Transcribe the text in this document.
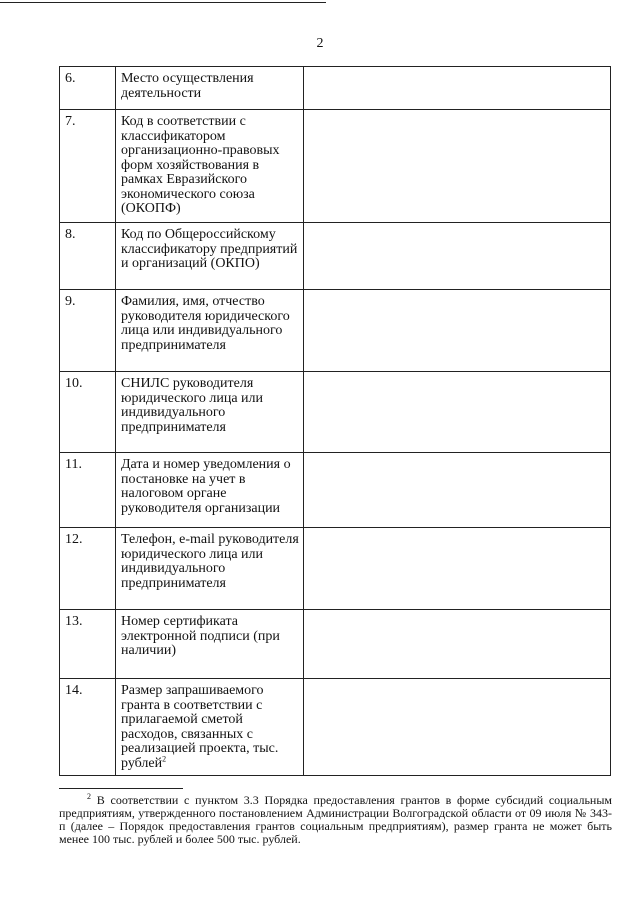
2
6.	Место осуществления деятельности	
7.	Код в соответствии с классификатором организационно-правовых форм хозяйствования в рамках Евразийского экономического союза (ОКОПФ)	
8.	Код по Общероссийскому классификатору предприятий и организаций (ОКПО)	
9.	Фамилия, имя, отчество руководителя юридического лица или индивидуального предпринимателя	
10.	СНИЛС руководителя юридического лица или индивидуального предпринимателя	
11.	Дата и номер уведомления о постановке на учет в налоговом органе руководителя организации	
12.	Телефон, e-mail руководителя юридического лица или индивидуального предпринимателя	
13.	Номер сертификата электронной подписи (при наличии)	
14.	Размер запрашиваемого гранта в соответствии с прилагаемой сметой расходов, связанных с реализацией проекта, тыс. рублей$^2$	
$^2$ В соответствии с пунктом 3.3 Порядка предоставления грантов в форме субсидий социальным предприятиям, утвержденного постановлением Администрации Волгоградской области от 09 июля № 343-п (далее – Порядок предоставления грантов социальным предприятиям), размер гранта не может быть менее 100 тыс. рублей и более 500 тыс. рублей.
